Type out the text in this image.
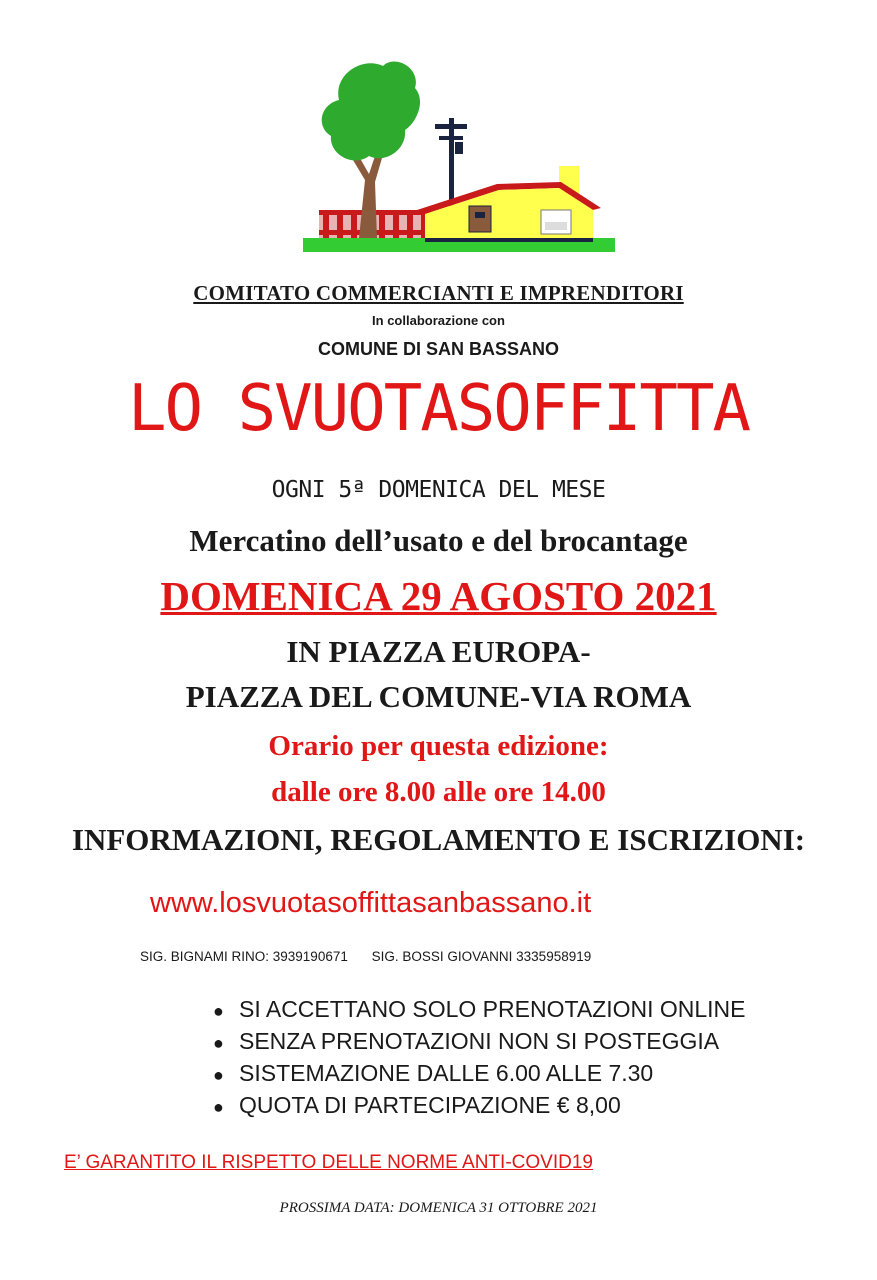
COMITATO COMMERCIANTI E IMPRENDITORI
In collaborazione con
COMUNE DI SAN BASSANO
LO SVUOTASOFFITTA
OGNI 5ª DOMENICA DEL MESE
Mercatino dell’usato e del brocantage
DOMENICA 29 AGOSTO 2021
IN PIAZZA EUROPA-
PIAZZA DEL COMUNE-VIA ROMA
Orario per questa edizione:
dalle ore 8.00 alle ore 14.00
INFORMAZIONI, REGOLAMENTO E ISCRIZIONI:
www.losvuotasoffittasanbassano.it
SIG. BIGNAMI RINO: 3939190671 SIG. BOSSI GIOVANNI 3335958919
● SI ACCETTANO SOLO PRENOTAZIONI ONLINE
● SENZA PRENOTAZIONI NON SI POSTEGGIA
● SISTEMAZIONE DALLE 6.00 ALLE 7.30
● QUOTA DI PARTECIPAZIONE € 8,00
E’ GARANTITO IL RISPETTO DELLE NORME ANTI-COVID19
PROSSIMA DATA: DOMENICA 31 OTTOBRE 2021
